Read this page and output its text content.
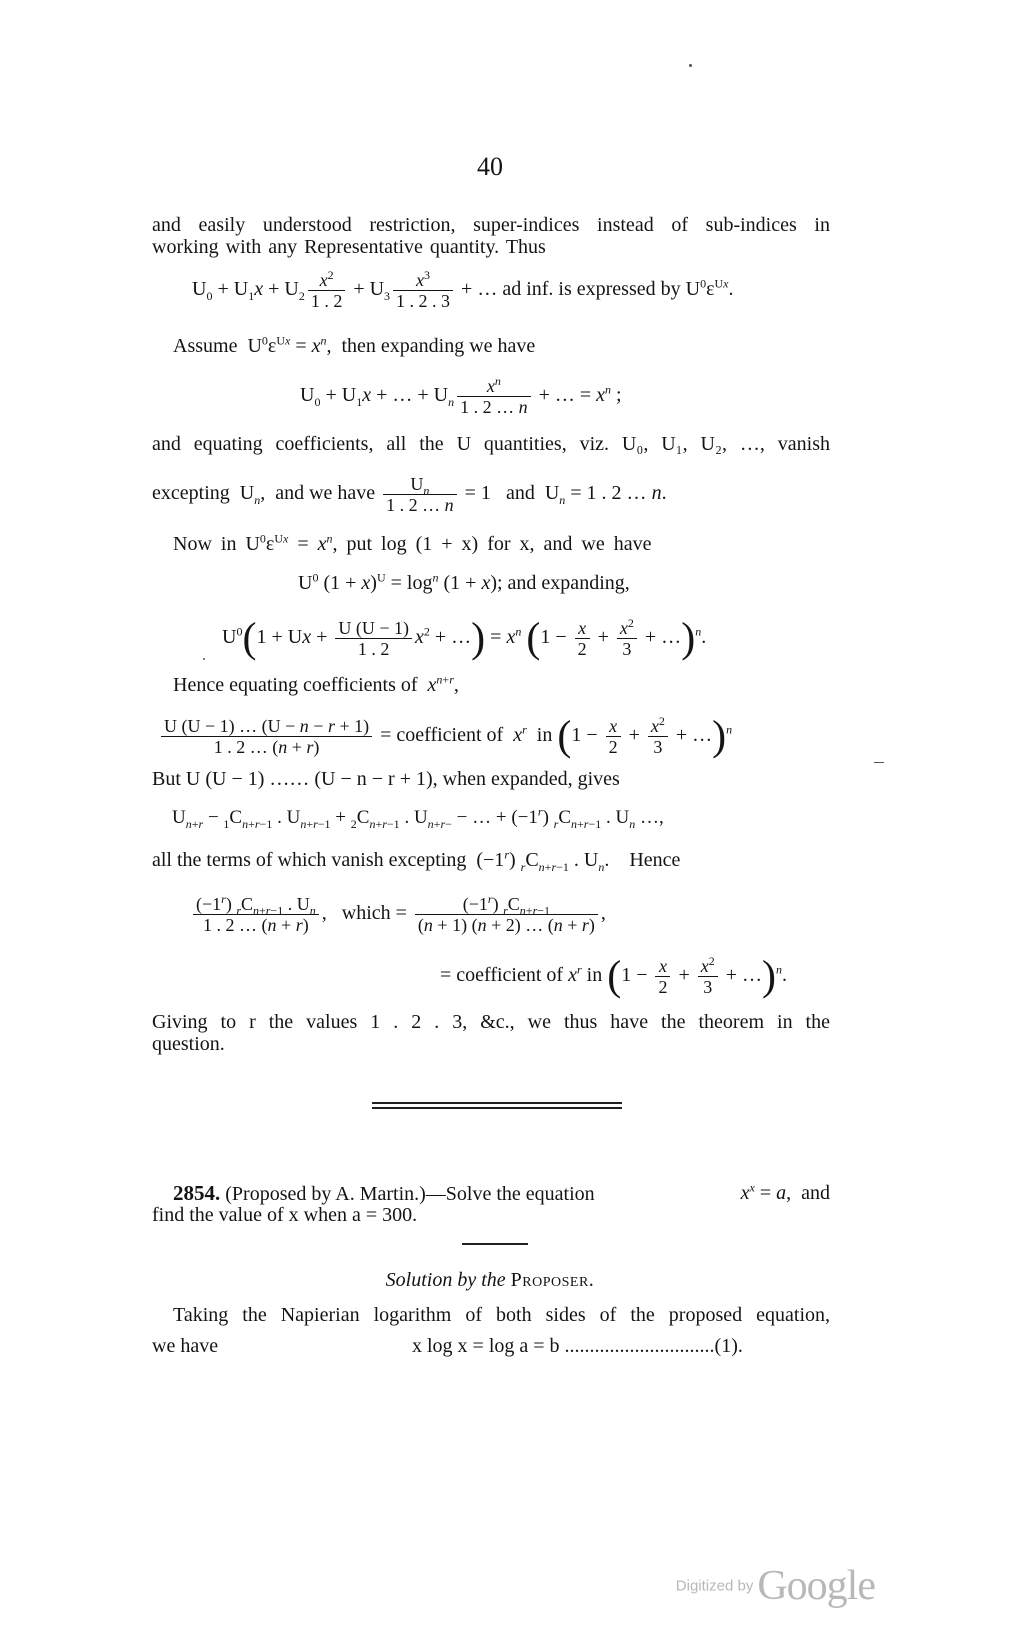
40
and easily understood restriction, super-indices instead of sub-indices in
working with any Representative quantity. Thus
$U_0 + U_1x + U_2 \frac{x^2}{1 . 2} + U_3 \frac{x^3}{1 . 2 . 3}$ + … ad inf. is expressed by $U^0\varepsilon^{Ux}$.
Assume  $U^0\varepsilon^{Ux} = x^n$,  then expanding we have
$U_0 + U_1x$ + … + $U_n \frac{x^n}{1 . 2 \dots n}$ + … = $x^n$ ;
and equating coefficients, all the U quantities, viz. U₀, U₁, U₂, …, vanish
excepting  $U_n$,  and we have $\frac{U_n}{1 . 2 \dots n} = 1$   and  $U_n = 1$ . 2 … n.
Now in $U^0\varepsilon^{Ux} = x^n$, put log (1 + x) for x, and we have
$U^0$ $(1 + x)^U = \log^n (1 + x)$; and expanding,
$U^0(1 + Ux + \frac{U (U - 1)}{1 . 2} x^2$ + …) = $x^n$ ($1 - \frac{x}{2} + \frac{x^2}{3}$ + …)$^n$.
Hence equating coefficients of $x^{n+r}$,
$\frac{U (U - 1) \dots (U - n - r + 1)}{1 . 2 \dots (n + r)}$ = coefficient of $x^r$ in ($1 - \frac{x}{2} + \frac{x^2}{3}$ + …)$^n$
But U (U − 1) …… (U − n − r + 1), when expanded, gives
$U_{n+r} - _1C_{n+r-1}$ . $U_{n+r-1} + _2C_{n+r-1}$ . $U_{n+r-}$ − … + $(-1^r)$ $_rC_{n+r-1}$ . $U_n$ …,
all the terms of which vanish excepting  $(-1^r)$ $_rC_{n+r-1}$ . $U_n$.    Hence
$\frac{(-1^r) _rC_{n+r-1} . U_n}{1 . 2 \dots (n + r)}$ ,   which = $\frac{(-1^r) _rC_{n+r-1}}{(n + 1) (n + 2) \dots (n + r)}$ ,
= coefficient of $x^r$ in ($1 - \frac{x}{2} + \frac{x^2}{3}$ + …)$^n$.
Giving to r the values 1 . 2 . 3, &c., we thus have the theorem in the
question.
2854. (Proposed by A. Martin.)—Solve the equation	$x^x = a$,  and
find the value of x when a = 300.
Solution by the Proposer.
Taking the Napierian logarithm of both sides of the proposed equation,
we have	x log x = log a = b ..............................(1).
Digitized by Google
